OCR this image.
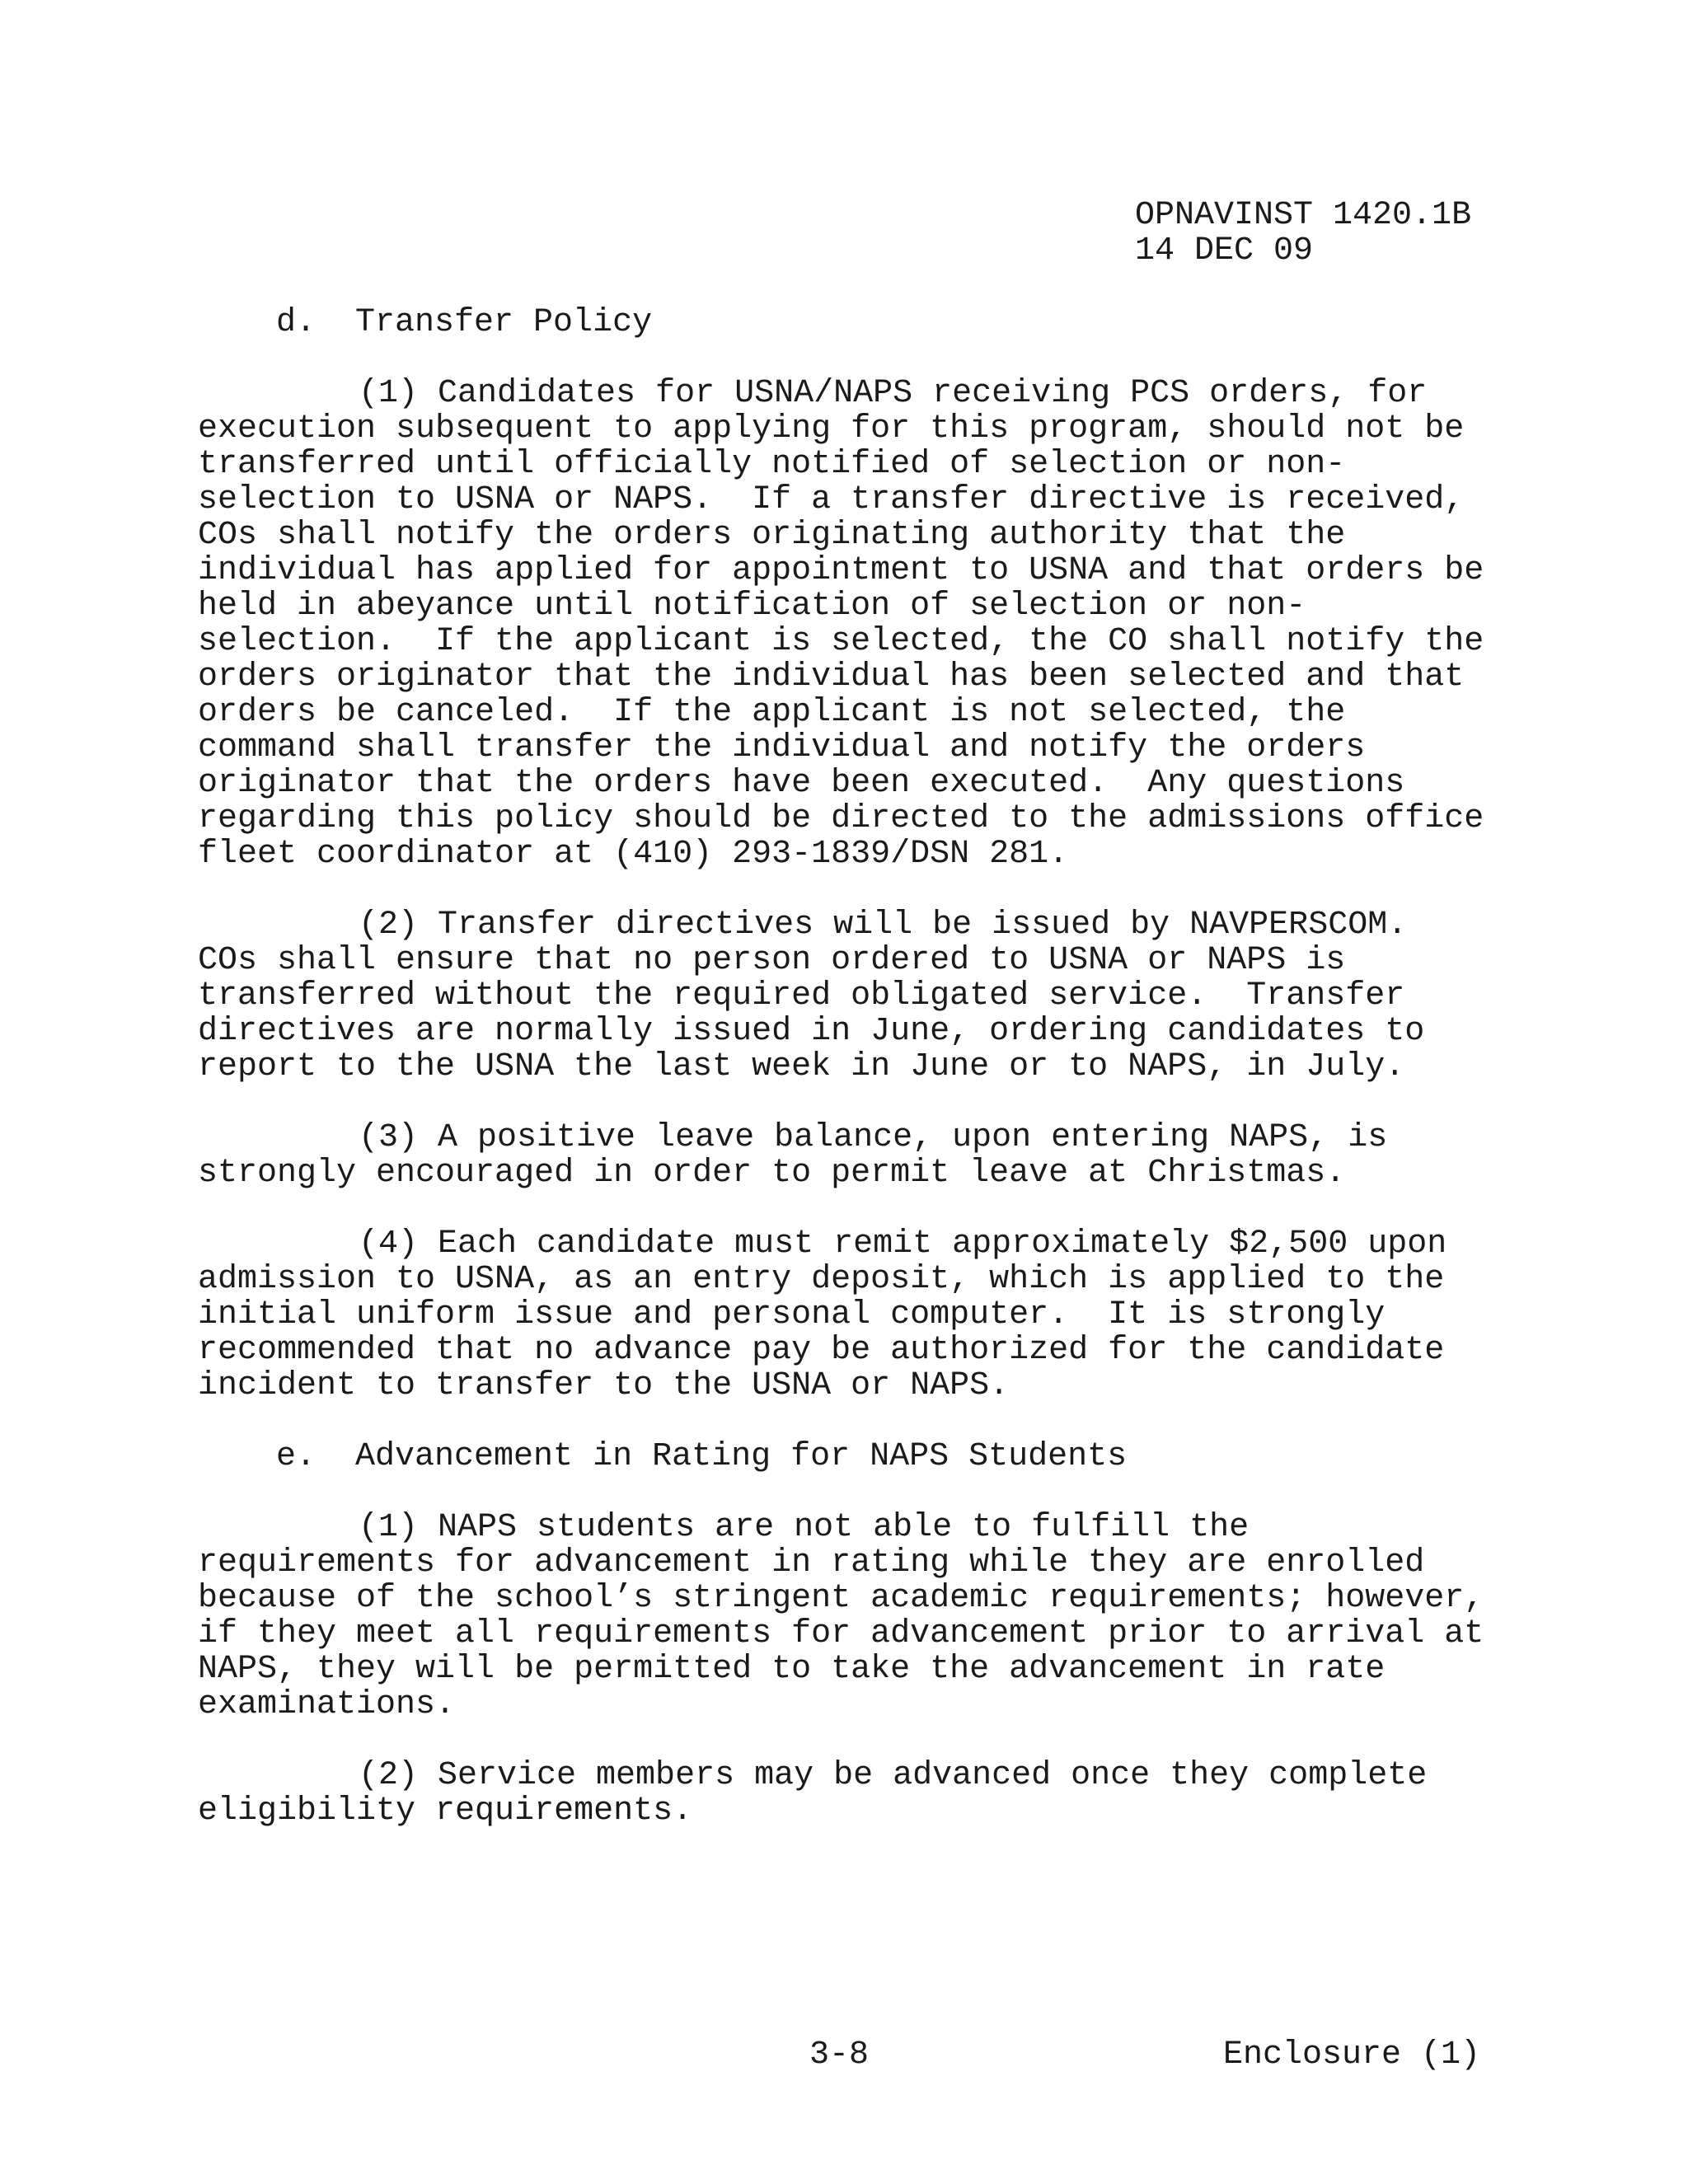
OPNAVINST 1420.1B
14 DEC 09
d.  Transfer Policy
(1) Candidates for USNA/NAPS receiving PCS orders, for
execution subsequent to applying for this program, should not be
transferred until officially notified of selection or non-
selection to USNA or NAPS.  If a transfer directive is received,
COs shall notify the orders originating authority that the
individual has applied for appointment to USNA and that orders be
held in abeyance until notification of selection or non-
selection.  If the applicant is selected, the CO shall notify the
orders originator that the individual has been selected and that
orders be canceled.  If the applicant is not selected, the
command shall transfer the individual and notify the orders
originator that the orders have been executed.  Any questions
regarding this policy should be directed to the admissions office
fleet coordinator at (410) 293-1839/DSN 281.
(2) Transfer directives will be issued by NAVPERSCOM.
COs shall ensure that no person ordered to USNA or NAPS is
transferred without the required obligated service.  Transfer
directives are normally issued in June, ordering candidates to
report to the USNA the last week in June or to NAPS, in July.
(3) A positive leave balance, upon entering NAPS, is
strongly encouraged in order to permit leave at Christmas.
(4) Each candidate must remit approximately $2,500 upon
admission to USNA, as an entry deposit, which is applied to the
initial uniform issue and personal computer.  It is strongly
recommended that no advance pay be authorized for the candidate
incident to transfer to the USNA or NAPS.
e.  Advancement in Rating for NAPS Students
(1) NAPS students are not able to fulfill the
requirements for advancement in rating while they are enrolled
because of the school’s stringent academic requirements; however,
if they meet all requirements for advancement prior to arrival at
NAPS, they will be permitted to take the advancement in rate
examinations.
(2) Service members may be advanced once they complete
eligibility requirements.
3-8	Enclosure (1)
